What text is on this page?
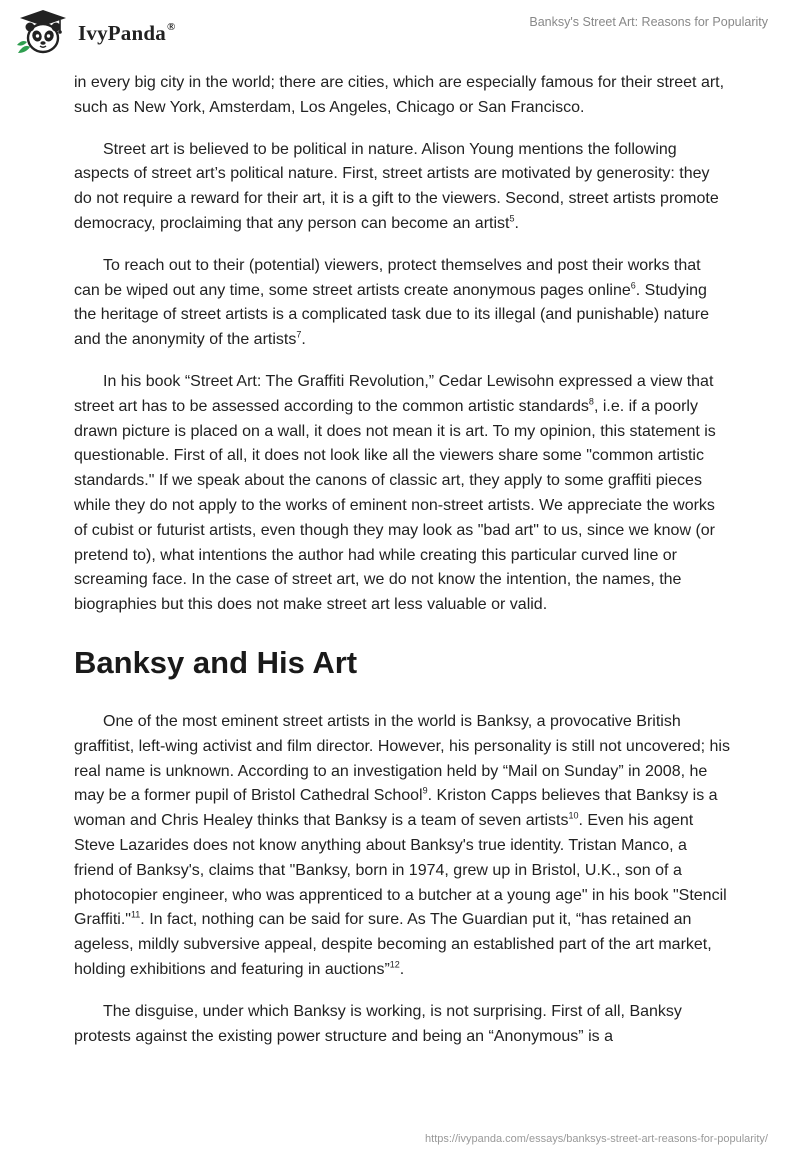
IvyPanda®	Banksy's Street Art: Reasons for Popularity

in every big city in the world; there are cities, which are especially famous for their street art, such as New York, Amsterdam, Los Angeles, Chicago or San Francisco.

Street art is believed to be political in nature. Alison Young mentions the following aspects of street art’s political nature. First, street artists are motivated by generosity: they do not require a reward for their art, it is a gift to the viewers. Second, street artists promote democracy, proclaiming that any person can become an artist$^5$.

To reach out to their (potential) viewers, protect themselves and post their works that can be wiped out any time, some street artists create anonymous pages online$^6$. Studying the heritage of street artists is a complicated task due to its illegal (and punishable) nature and the anonymity of the artists$^7$.

In his book “Street Art: The Graffiti Revolution,” Cedar Lewisohn expressed a view that street art has to be assessed according to the common artistic standards$^8$, i.e. if a poorly drawn picture is placed on a wall, it does not mean it is art. To my opinion, this statement is questionable. First of all, it does not look like all the viewers share some "common artistic standards." If we speak about the canons of classic art, they apply to some graffiti pieces while they do not apply to the works of eminent non-street artists. We appreciate the works of cubist or futurist artists, even though they may look as "bad art" to us, since we know (or pretend to), what intentions the author had while creating this particular curved line or screaming face. In the case of street art, we do not know the intention, the names, the biographies but this does not make street art less valuable or valid.

Banksy and His Art

One of the most eminent street artists in the world is Banksy, a provocative British graffitist, left-wing activist and film director. However, his personality is still not uncovered; his real name is unknown. According to an investigation held by “Mail on Sunday” in 2008, he may be a former pupil of Bristol Cathedral School$^9$. Kriston Capps believes that Banksy is a woman and Chris Healey thinks that Banksy is a team of seven artists$^{10}$. Even his agent Steve Lazarides does not know anything about Banksy's true identity. Tristan Manco, a friend of Banksy's, claims that "Banksy, born in 1974, grew up in Bristol, U.K., son of a photocopier engineer, who was apprenticed to a butcher at a young age" in his book "Stencil Graffiti."$^{11}$. In fact, nothing can be said for sure. As The Guardian put it, “has retained an ageless, mildly subversive appeal, despite becoming an established part of the art market, holding exhibitions and featuring in auctions”$^{12}$.

The disguise, under which Banksy is working, is not surprising. First of all, Banksy protests against the existing power structure and being an “Anonymous” is a

https://ivypanda.com/essays/banksys-street-art-reasons-for-popularity/
